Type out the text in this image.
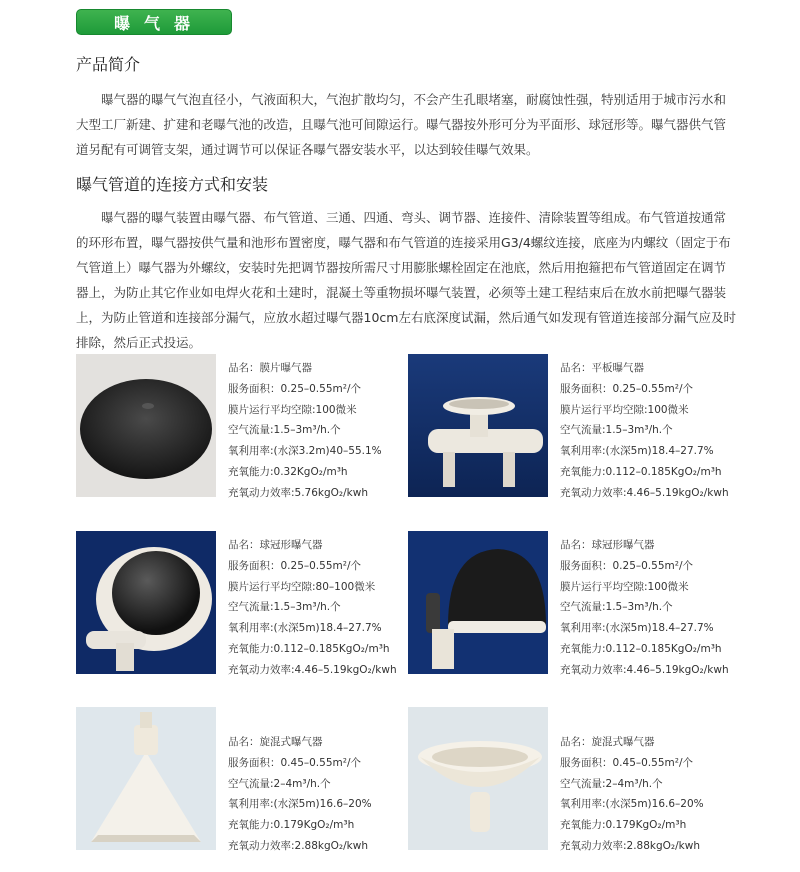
曝气器
产品简介

曝气器的曝气气泡直径小，气液面积大，气泡扩散均匀，不会产生孔眼堵塞，耐腐蚀性强，特别适用于城市污水和大型工厂新建、扩建和老曝气池的改造，且曝气池可间隙运行。曝气器按外形可分为平面形、球冠形等。曝气器供气管道另配有可调管支架，通过调节可以保证各曝气器安装水平，以达到较佳曝气效果。

曝气管道的连接方式和安装

曝气器的曝气装置由曝气器、布气管道、三通、四通、弯头、调节器、连接件、清除装置等组成。布气管道按通常的环形布置，曝气器按供气量和池形布置密度，曝气器和布气管道的连接采用G3/4螺纹连接，底座为内螺纹（固定于布气管道上）曝气器为外螺纹，安装时先把调节器按所需尺寸用膨胀螺栓固定在池底，然后用抱箍把布气管道固定在调节器上，为防止其它作业如电焊火花和土建时，混凝土等重物损坏曝气装置，必须等土建工程结束后在放水前把曝气器装上，为防止管道和连接部分漏气，应放水超过曝气器10cm左右底深度试漏，然后通气如发现有管道连接部分漏气应及时排除，然后正式投运。

品名：膜片曝气器
服务面积：0.25–0.55m²/个
膜片运行平均空隙:100微米
空气流量:1.5–3m³/h.个
氧利用率:(水深3.2m)40–55.1%
充氧能力:0.32KgO₂/m³h
充氧动力效率:5.76kgO₂/kwh
品名：平板曝气器
服务面积：0.25–0.55m²/个
膜片运行平均空隙:100微米
空气流量:1.5–3m³/h.个
氧利用率:(水深5m)18.4–27.7%
充氧能力:0.112–0.185KgO₂/m³h
充氧动力效率:4.46–5.19kgO₂/kwh
品名：球冠形曝气器
服务面积：0.25–0.55m²/个
膜片运行平均空隙:80–100微米
空气流量:1.5–3m³/h.个
氧利用率:(水深5m)18.4–27.7%
充氧能力:0.112–0.185KgO₂/m³h
充氧动力效率:4.46–5.19kgO₂/kwh
品名：球冠形曝气器
服务面积：0.25–0.55m²/个
膜片运行平均空隙:100微米
空气流量:1.5–3m³/h.个
氧利用率:(水深5m)18.4–27.7%
充氧能力:0.112–0.185KgO₂/m³h
充氧动力效率:4.46–5.19kgO₂/kwh
品名：旋混式曝气器
服务面积：0.45–0.55m²/个
空气流量:2–4m³/h.个
氧利用率:(水深5m)16.6–20%
充氧能力:0.179KgO₂/m³h
充氧动力效率:2.88kgO₂/kwh
品名：旋混式曝气器
服务面积：0.45–0.55m²/个
空气流量:2–4m³/h.个
氧利用率:(水深5m)16.6–20%
充氧能力:0.179KgO₂/m³h
充氧动力效率:2.88kgO₂/kwh
